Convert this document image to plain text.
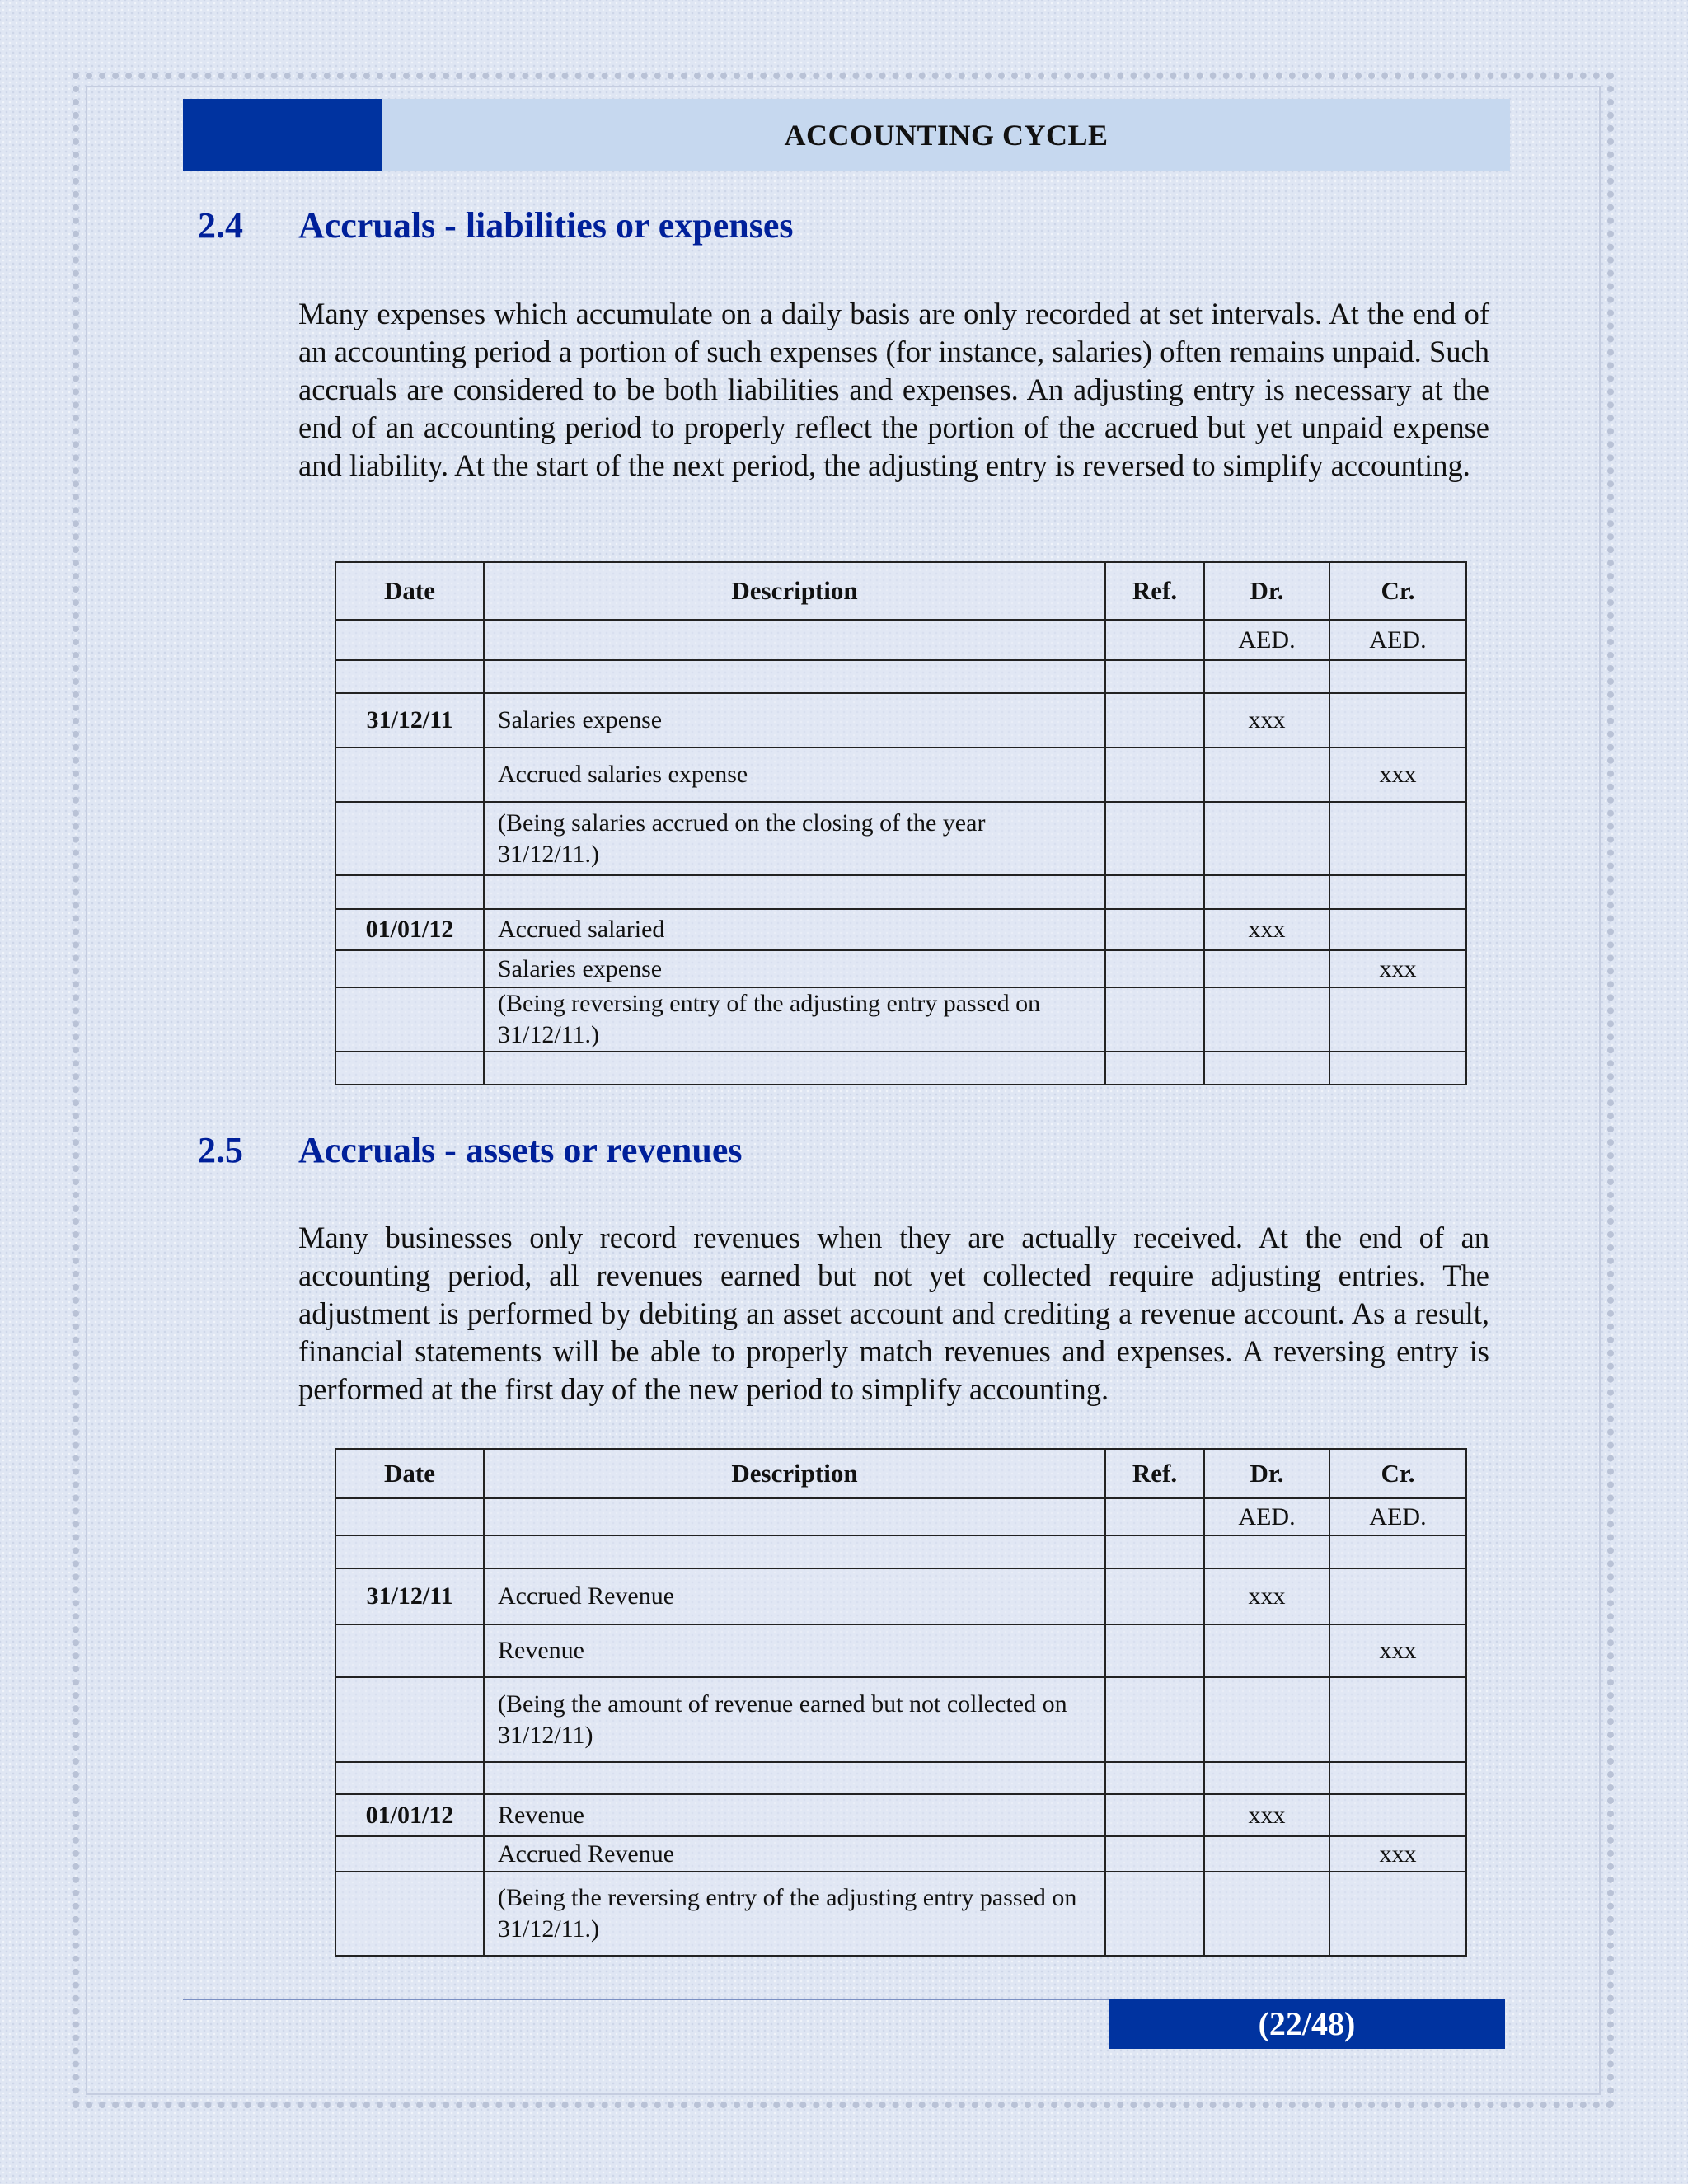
ACCOUNTING CYCLE
2.4 Accruals - liabilities or expenses

Many expenses which accumulate on a daily basis are only recorded at set intervals. At the end of an accounting period a portion of such expenses (for instance, salaries) often remains unpaid. Such accruals are considered to be both liabilities and expenses. An adjusting entry is necessary at the end of an accounting period to properly reflect the portion of the accrued but yet unpaid expense and liability. At the start of the next period, the adjusting entry is reversed to simplify accounting.

Date	Description	Ref.	Dr.	Cr.
			AED.	AED.

31/12/11	Salaries expense		xxx	
	Accrued salaries expense			xxx
	(Being salaries accrued on the closing of the year 31/12/11.)			

01/01/12	Accrued salaried		xxx	
	Salaries expense			xxx
	(Being reversing entry of the adjusting entry passed on 31/12/11.)			

2.5 Accruals - assets or revenues

Many businesses only record revenues when they are actually received. At the end of an accounting period, all revenues earned but not yet collected require adjusting entries. The adjustment is performed by debiting an asset account and crediting a revenue account. As a result, financial statements will be able to properly match revenues and expenses. A reversing entry is performed at the first day of the new period to simplify accounting.

Date	Description	Ref.	Dr.	Cr.
			AED.	AED.

31/12/11	Accrued Revenue		xxx	
	Revenue			xxx
	(Being the amount of revenue earned but not collected on 31/12/11)			

01/01/12	Revenue		xxx	
	Accrued Revenue			xxx
	(Being the reversing entry of the adjusting entry passed on 31/12/11.)			
(22/48)
